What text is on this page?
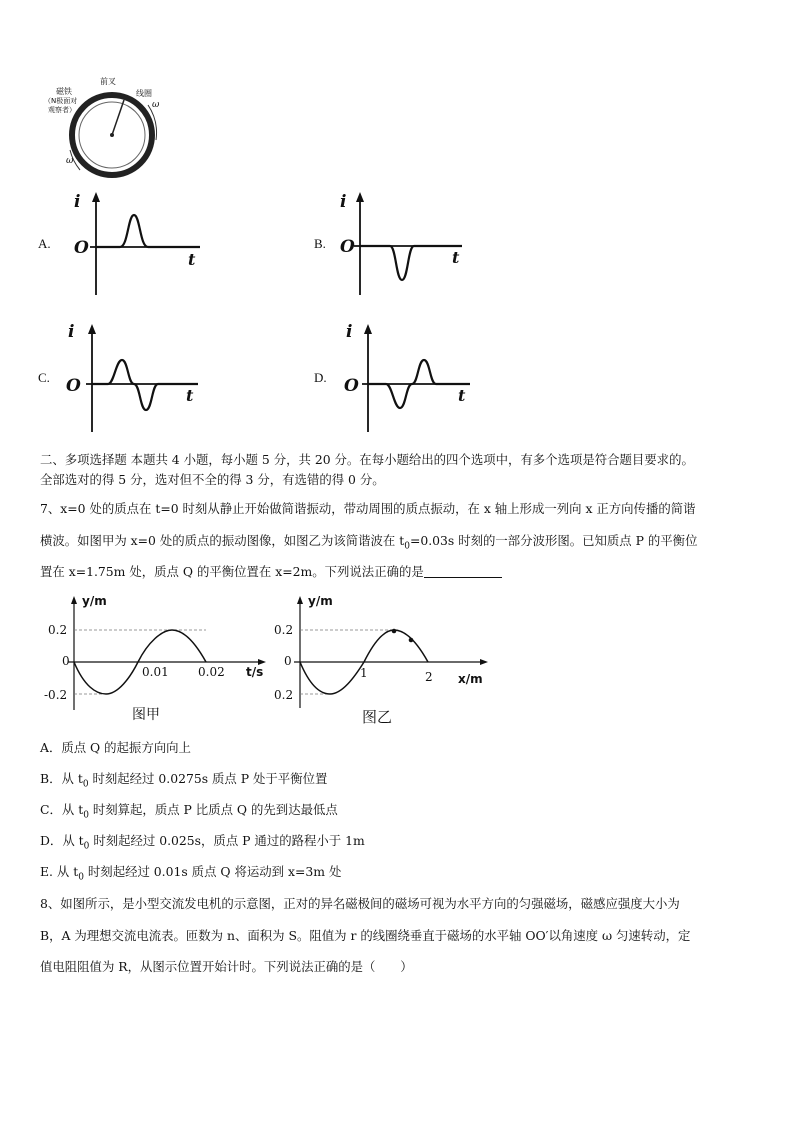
磁铁
（N极面对
观察者）
前叉
线圈
ω
ω
A.
i
O
t
B.
i
O
t
C.
i
O	t
D.
i
O	t
二、多项选择题 本题共 4 小题，每小题 5 分，共 20 分。在每小题给出的四个选项中，有多个选项是符合题目要求的。
全部选对的得 5 分，选对但不全的得 3 分，有选错的得 0 分。
7、x=0 处的质点在 t=0 时刻从静止开始做简谐振动，带动周围的质点振动，在 x 轴上形成一列向 x 正方向传播的简谐
横波。如图甲为 x=0 处的质点的振动图像，如图乙为该简谐波在 $t_0=0.03s$ 时刻的一部分波形图。已知质点 P 的平衡位
置在 x=1.75m 处，质点 Q 的平衡位置在 x=2m。下列说法正确的是
y/m
0.2
0
-0.2
0.01 0.02 t/s
图甲
y/m
0.2
0
0.2
1	2 x/m
图乙
A．质点 Q 的起振方向向上
B．从 $t_0$ 时刻起经过 0.0275s 质点 P 处于平衡位置
C．从 $t_0$ 时刻算起，质点 P 比质点 Q 的先到达最低点
D．从 $t_0$ 时刻起经过 0.025s，质点 P 通过的路程小于 1m
E. 从 $t_0$ 时刻起经过 0.01s 质点 Q 将运动到 x=3m 处
8、如图所示，是小型交流发电机的示意图，正对的异名磁极间的磁场可视为水平方向的匀强磁场，磁感应强度大小为
B，A 为理想交流电流表。匝数为 n、面积为 S。阻值为 r 的线圈绕垂直于磁场的水平轴 OO′以角速度 ω 匀速转动，定
值电阻阻值为 R，从图示位置开始计时。下列说法正确的是（　　）
